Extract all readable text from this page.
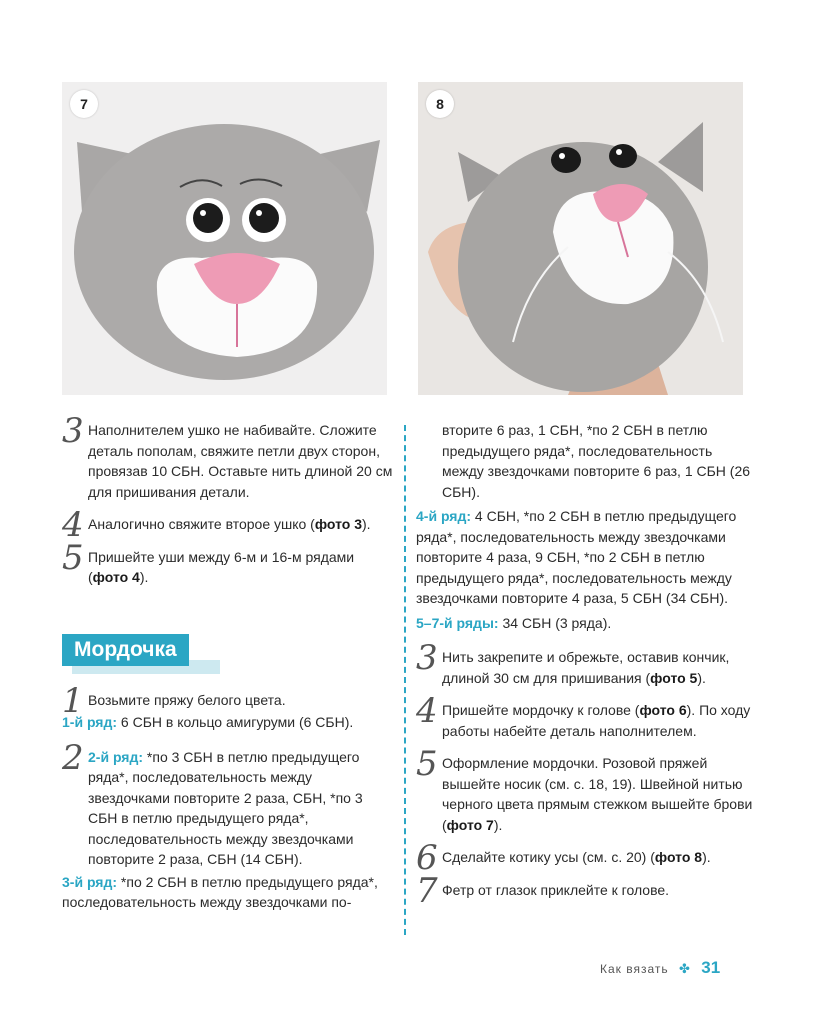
7	8
3 Наполнителем ушко не набивайте. Сложите деталь пополам, свяжите петли двух сторон, провязав 10 СБН. Оставьте нить длиной 20 см для пришивания детали.
4 Аналогично свяжите второе ушко (фото 3).
5 Пришейте уши между 6-м и 16-м рядами (фото 4).
Мордочка
1 Возьмите пряжу белого цвета.
1-й ряд: 6 СБН в кольцо амигуруми (6 СБН).
2 2-й ряд: *по 3 СБН в петлю предыдущего ряда*, последовательность между звездочками повторите 2 раза, СБН, *по 3 СБН в петлю предыдущего ряда*, последовательность между звездочками повторите 2 раза, СБН (14 СБН).
3-й ряд: *по 2 СБН в петлю предыдущего ряда*, последовательность между звездочками по-
вторите 6 раз, 1 СБН, *по 2 СБН в петлю предыдущего ряда*, последовательность между звездочками повторите 6 раз, 1 СБН (26 СБН).
4-й ряд: 4 СБН, *по 2 СБН в петлю предыдущего ряда*, последовательность между звездочками повторите 4 раза, 9 СБН, *по 2 СБН в петлю предыдущего ряда*, последовательность между звездочками повторите 4 раза, 5 СБН (34 СБН).
5–7-й ряды: 34 СБН (3 ряда).
3 Нить закрепите и обрежьте, оставив кончик, длиной 30 см для пришивания (фото 5).
4 Пришейте мордочку к голове (фото 6). По ходу работы набейте деталь наполнителем.
5 Оформление мордочки. Розовой пряжей вышейте носик (см. с. 18, 19). Швейной нитью черного цвета прямым стежком вышейте брови (фото 7).
6 Сделайте котику усы (см. с. 20) (фото 8).
7 Фетр от глазок приклейте к голове.
Как вязать ✤ 31
